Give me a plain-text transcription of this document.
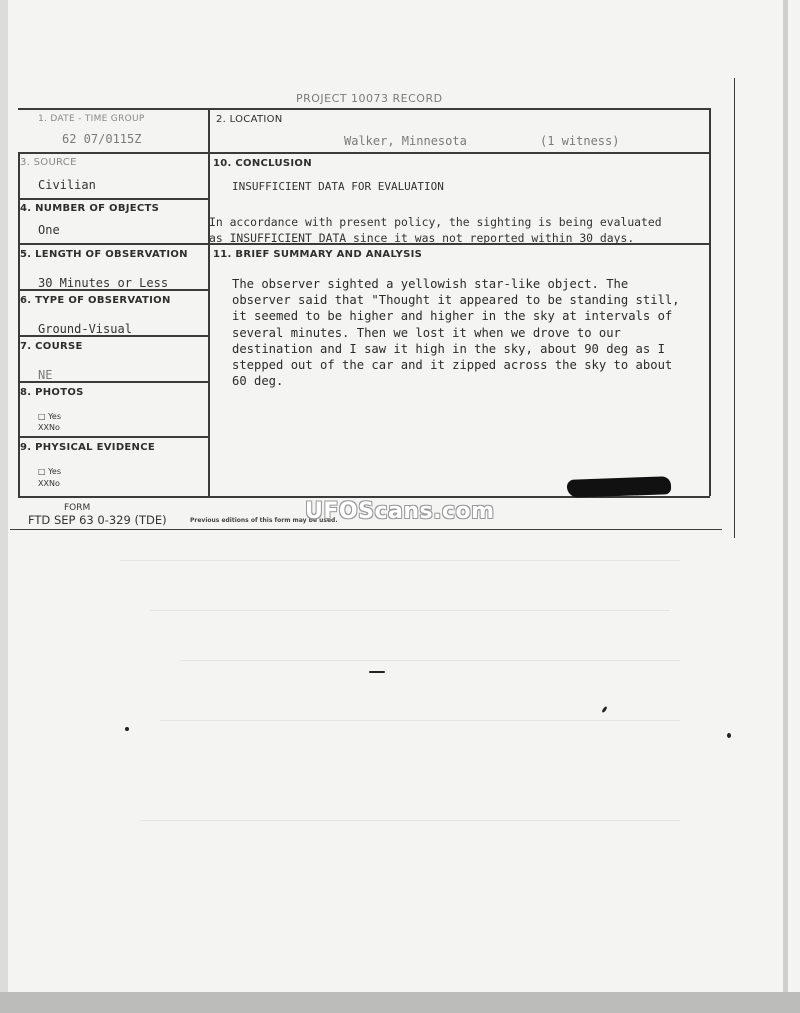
PROJECT 10073 RECORD
1. DATE - TIME GROUP
62 07/0115Z
2. LOCATION
Walker, Minnesota	(1 witness)
3. SOURCE
Civilian
4. NUMBER OF OBJECTS
One
5. LENGTH OF OBSERVATION
30 Minutes or Less
6. TYPE OF OBSERVATION
Ground-Visual
7. COURSE
NE
8. PHOTOS
□ Yes
XXNo
9. PHYSICAL EVIDENCE
□ Yes
XXNo
10. CONCLUSION
INSUFFICIENT DATA FOR EVALUATION
In accordance with present policy, the sighting is being evaluated
as INSUFFICIENT DATA since it was not reported within 30 days.
11. BRIEF SUMMARY AND ANALYSIS
The observer sighted a yellowish star-like object. The
observer said that "Thought it appeared to be standing still,
it seemed to be higher and higher in the sky at intervals of
several minutes. Then we lost it when we drove to our
destination and I saw it high in the sky, about 90 deg as I
stepped out of the car and it zipped across the sky to about
60 deg.
FORM
FTD SEP 63 0-329 (TDE)	Previous editions of this form may be used.
UFOScans.com
